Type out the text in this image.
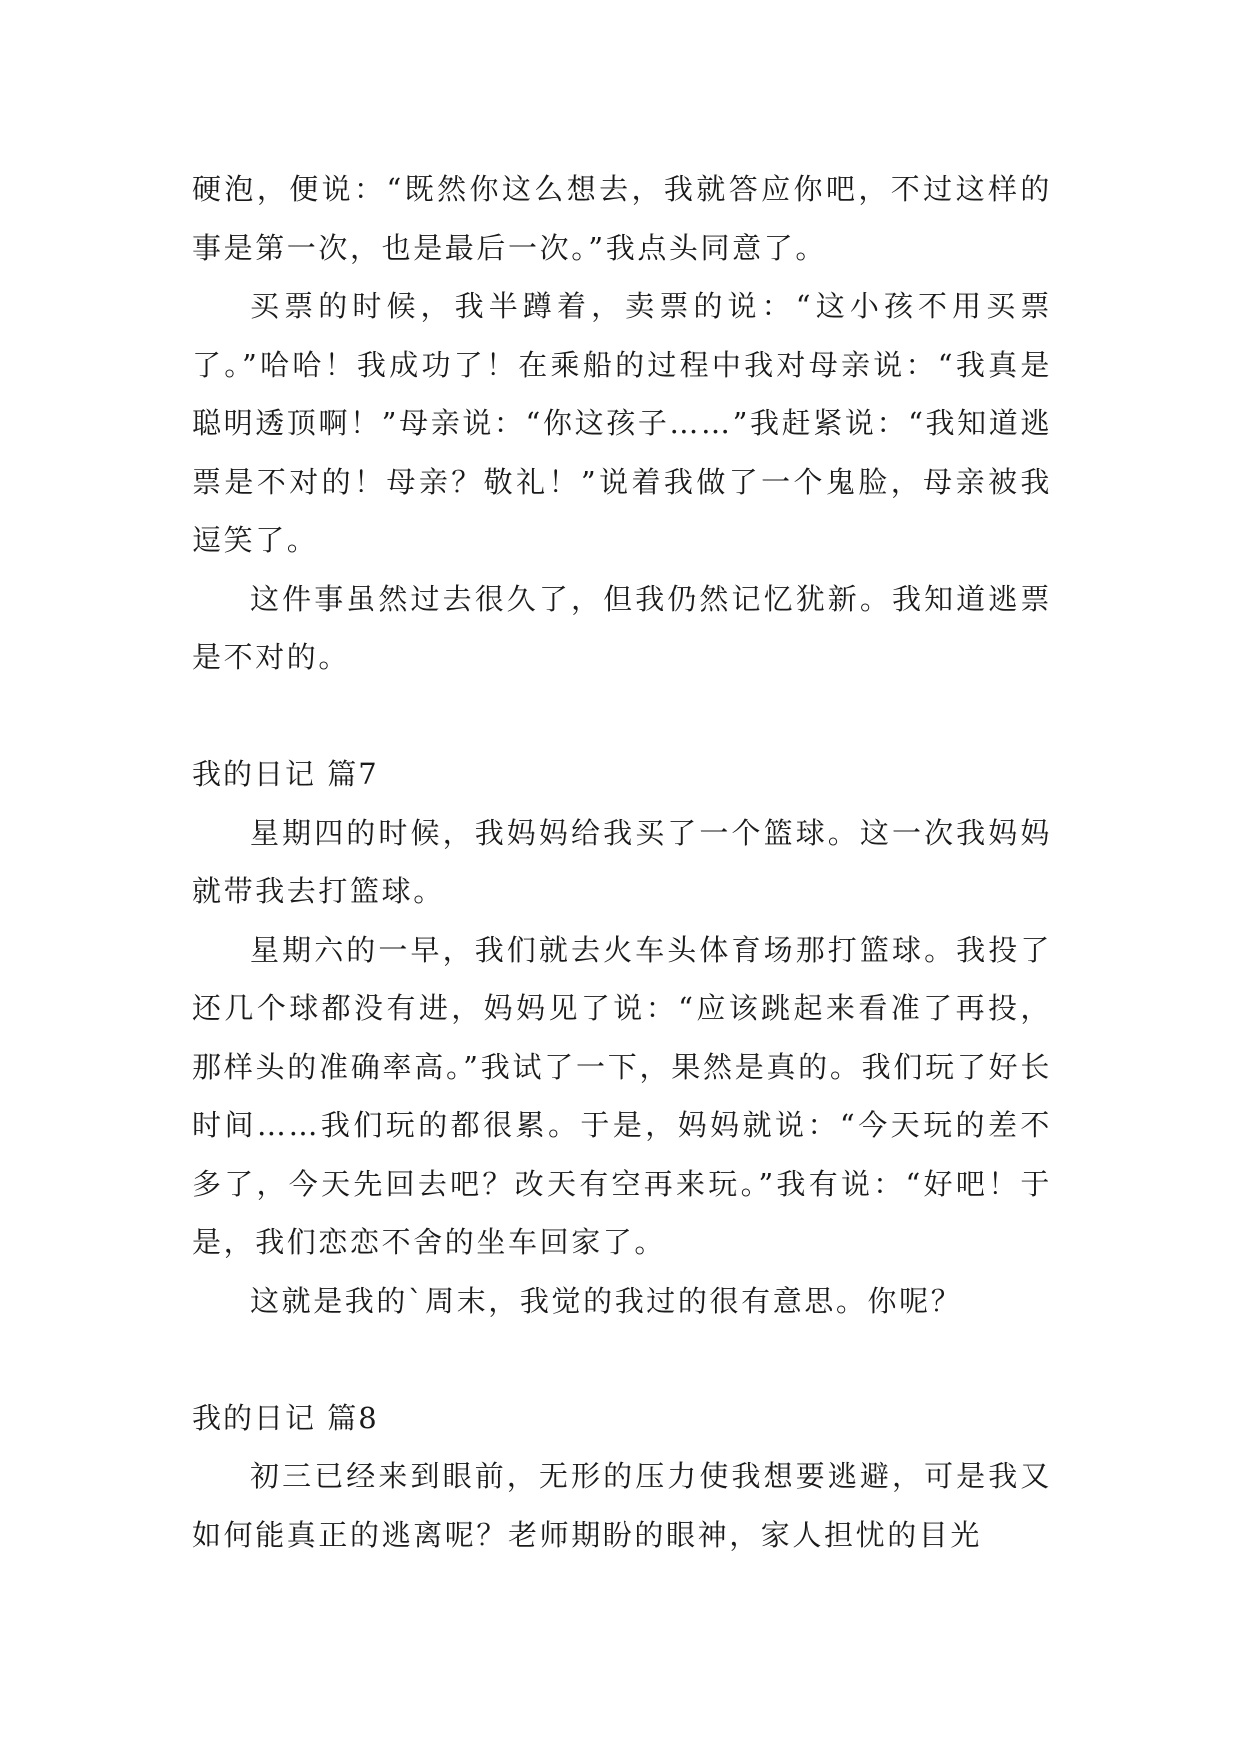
硬泡，便说：“既然你这么想去，我就答应你吧，不过这样的事是第一次，也是最后一次。”我点头同意了。

买票的时候，我半蹲着，卖票的说：“这小孩不用买票了。”哈哈！我成功了！在乘船的过程中我对母亲说：“我真是聪明透顶啊！”母亲说：“你这孩子……”我赶紧说：“我知道逃票是不对的！母亲？敬礼！”说着我做了一个鬼脸，母亲被我逗笑了。

这件事虽然过去很久了，但我仍然记忆犹新。我知道逃票是不对的。

我的日记 篇7

星期四的时候，我妈妈给我买了一个篮球。这一次我妈妈就带我去打篮球。

星期六的一早，我们就去火车头体育场那打篮球。我投了还几个球都没有进，妈妈见了说：“应该跳起来看准了再投，那样头的准确率高。”我试了一下，果然是真的。我们玩了好长时间……我们玩的都很累。于是，妈妈就说：“今天玩的差不多了，今天先回去吧？改天有空再来玩。”我有说：“好吧！于是，我们恋恋不舍的坐车回家了。

这就是我的`周末，我觉的我过的很有意思。你呢？

我的日记 篇8

初三已经来到眼前，无形的压力使我想要逃避，可是我又如何能真正的逃离呢？老师期盼的眼神，家人担忧的目光
